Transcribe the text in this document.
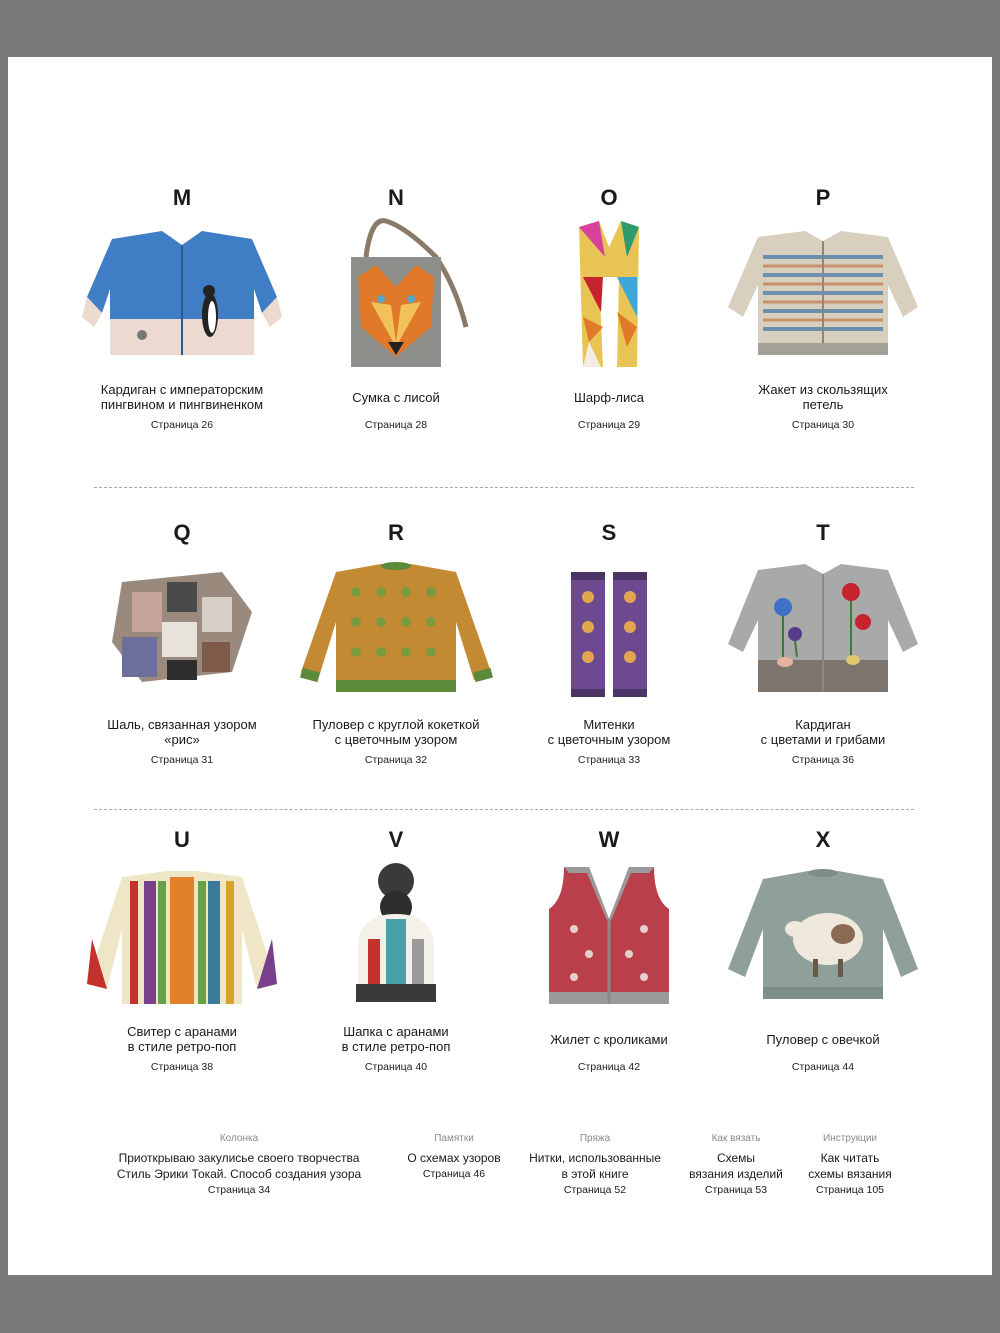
M
Кардиган с императорским
пингвином и пингвиненком
Страница 26
N
Сумка с лисой
Страница 28
O
Шарф-лиса
Страница 29
P
Жакет из скользящих
петель
Страница 30
Q
Шаль, связанная узором
«рис»
Страница 31
R
Пуловер с круглой кокеткой
с цветочным узором
Страница 32
S
Митенки
с цветочным узором
Страница 33
T
Кардиган
с цветами и грибами
Страница 36
U
Свитер с аранами
в стиле ретро-поп
Страница 38
V
Шапка с аранами
в стиле ретро-поп
Страница 40
W
Жилет с кроликами
Страница 42
X
Пуловер с овечкой
Страница 44
Колонка
Приоткрываю закулисье своего творчества
Стиль Эрики Токай. Способ создания узора
Страница 34
Памятки
О схемах узоров
Страница 46
Пряжа
Нитки, использованные
в этой книге
Страница 52
Как вязать
Схемы
вязания изделий
Страница 53
Инструкции
Как читать
схемы вязания
Страница 105
